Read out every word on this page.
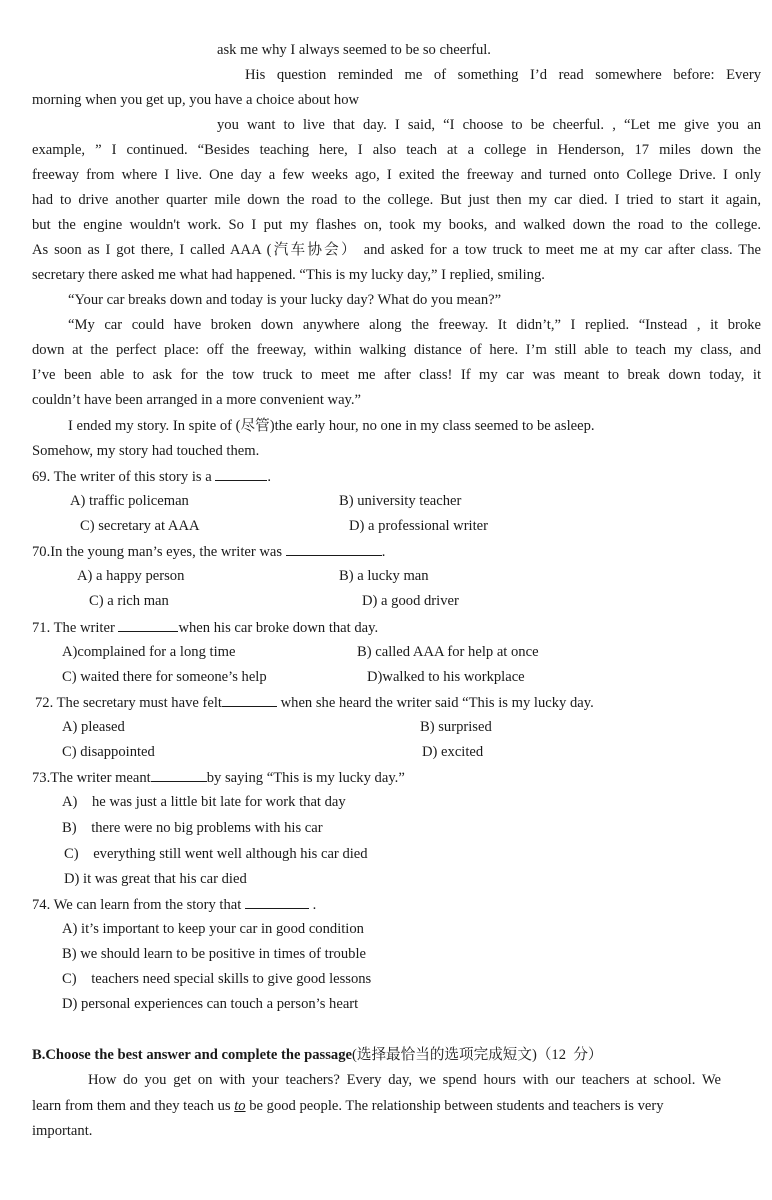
ask me why I always seemed to be so cheerful.
His question reminded me of something I’d read somewhere before: Every
morning when you get up, you have a choice about how
you want to live that day. I said, “I choose to be cheerful. , “Let me give you an
example, ” I continued. “Besides teaching here, I also teach at a college in Henderson, 17 miles down the
freeway from where I live. One day a few weeks ago, I exited the freeway and turned onto College Drive. I only
had to drive another quarter mile down the road to the college. But just then my car died. I tried to start it again,
but the engine wouldn't work. So I put my flashes on, took my books, and walked down the road to the college.
As soon as I got there, I called AAA (汽车协会） and asked for a tow truck to meet me at my car after class. The
secretary there asked me what had happened. “This is my lucky day,” I replied, smiling.
“Your car breaks down and today is your lucky day? What do you mean?”
“My car could have broken down anywhere along the freeway. It didn’t,” I replied. “Instead , it broke
down at the perfect place: off the freeway, within walking distance of here. I’m still able to teach my class, and
I’ve been able to ask for the tow truck to meet me after class! If my car was meant to break down today, it
couldn’t have been arranged in a more convenient way.”
I ended my story. In spite of (尽管)the early hour, no one in my class seemed to be asleep.
Somehow, my story had touched them.
69. The writer of this story is a	.
A) traffic policeman	B) university teacher
C) secretary at AAA	D) a professional writer
70.In the young man’s eyes, the writer was	.
A) a happy person	B) a lucky man
C) a rich man	D) a good driver
71. The writer	when his car broke down that day.
A)complained for a long time	B) called AAA for help at once
C) waited there for someone’s help	D)walked to his workplace
72. The secretary must have felt	when she heard the writer said “This is my lucky day.
A) pleased	B) surprised
C) disappointed	D) excited
73.The writer meant	by saying “This is my lucky day.”
A)    he was just a little bit late for work that day
B)    there were no big problems with his car
C)    everything still went well although his car died
D) it was great that his car died
74. We can learn from the story that	.
A) it’s important to keep your car in good condition
B) we should learn to be positive in times of trouble
C)    teachers need special skills to give good lessons
D) personal experiences can touch a person’s heart
B.Choose the best answer and complete the passage(选择最恰当的选项完成短文)（12  分）
How do you get on with your teachers? Every day, we spend hours with our teachers at school. We
learn from them and they teach us to be good people. The relationship between students and teachers is very
important.
